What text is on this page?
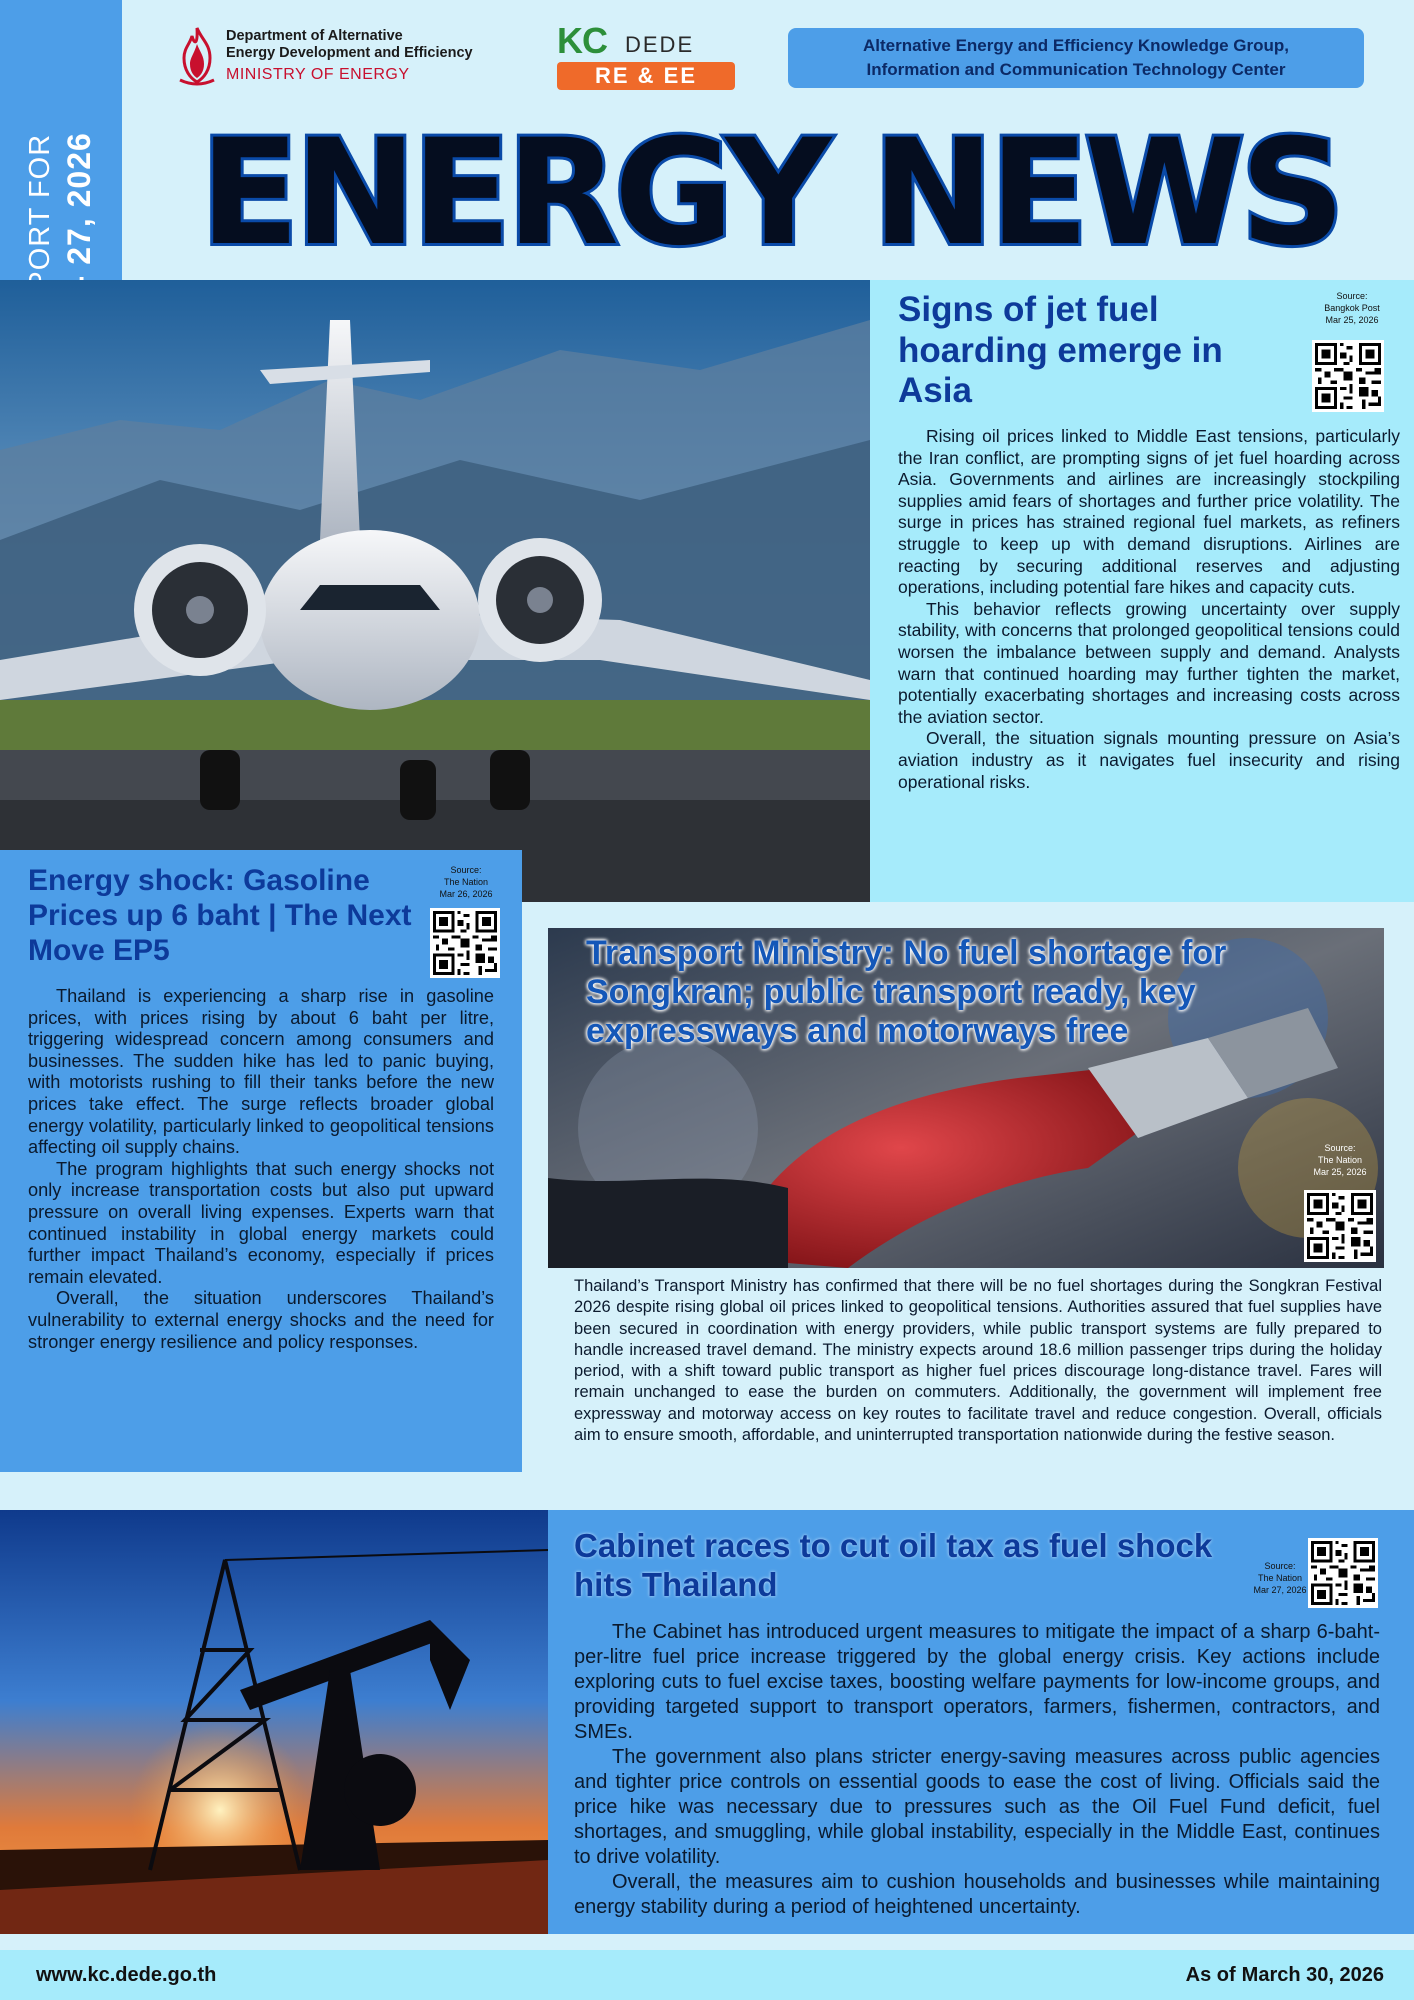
Department of Alternative
Energy Development and Efficiency
MINISTRY OF ENERGY
KC DEDE
RE & EE
Alternative Energy and Efficiency Knowledge Group,
Information and Communication Technology Center
ENERGY NEWS
Signs of jet fuel hoarding emerge in Asia
Source:
Bangkok Post
Mar 25, 2026

Rising oil prices linked to Middle East tensions, particularly the Iran conflict, are prompting signs of jet fuel hoarding across Asia. Governments and airlines are increasingly stockpiling supplies amid fears of shortages and further price volatility. The surge in prices has strained regional fuel markets, as refiners struggle to keep up with demand disruptions. Airlines are reacting by securing additional reserves and adjusting operations, including potential fare hikes and capacity cuts.

This behavior reflects growing uncertainty over supply stability, with concerns that prolonged geopolitical tensions could worsen the imbalance between supply and demand. Analysts warn that continued hoarding may further tighten the market, potentially exacerbating shortages and increasing costs across the aviation sector.

Overall, the situation signals mounting pressure on Asia’s aviation industry as it navigates fuel insecurity and rising operational risks.

Energy shock: Gasoline Prices up 6 baht | The Next Move EP5
Source:
The Nation
Mar 26, 2026

Thailand is experiencing a sharp rise in gasoline prices, with prices rising by about 6 baht per litre, triggering widespread concern among consumers and businesses. The sudden hike has led to panic buying, with motorists rushing to fill their tanks before the new prices take effect. The surge reflects broader global energy volatility, particularly linked to geopolitical tensions affecting oil supply chains.

The program highlights that such energy shocks not only increase transportation costs but also put upward pressure on overall living expenses. Experts warn that continued instability in global energy markets could further impact Thailand’s economy, especially if prices remain elevated.

Overall, the situation underscores Thailand’s vulnerability to external energy shocks and the need for stronger energy resilience and policy responses.

Transport Ministry: No fuel shortage for Songkran; public transport ready, key expressways and motorways free
Source:
The Nation
Mar 25, 2026

Thailand’s Transport Ministry has confirmed that there will be no fuel shortages during the Songkran Festival 2026 despite rising global oil prices linked to geopolitical tensions. Authorities assured that fuel supplies have been secured in coordination with energy providers, while public transport systems are fully prepared to handle increased travel demand. The ministry expects around 18.6 million passenger trips during the holiday period, with a shift toward public transport as higher fuel prices discourage long-distance travel. Fares will remain unchanged to ease the burden on commuters. Additionally, the government will implement free expressway and motorway access on key routes to facilitate travel and reduce congestion. Overall, officials aim to ensure smooth, affordable, and uninterrupted transportation nationwide during the festive season.

Cabinet races to cut oil tax as fuel shock hits Thailand	Source:
The Nation
Mar 27, 2026

The Cabinet has introduced urgent measures to mitigate the impact of a sharp 6-baht-per-litre fuel price increase triggered by the global energy crisis. Key actions include exploring cuts to fuel excise taxes, boosting welfare payments for low-income groups, and providing targeted support to transport operators, farmers, fishermen, contractors, and SMEs.

The government also plans stricter energy-saving measures across public agencies and tighter price controls on essential goods to ease the cost of living. Officials said the price hike was necessary due to pressures such as the Oil Fuel Fund deficit, fuel shortages, and smuggling, while global instability, especially in the Middle East, continues to drive volatility.

Overall, the measures aim to cushion households and businesses while maintaining energy stability during a period of heightened uncertainty.

www.kc.dede.go.th	As of March 30, 2026
